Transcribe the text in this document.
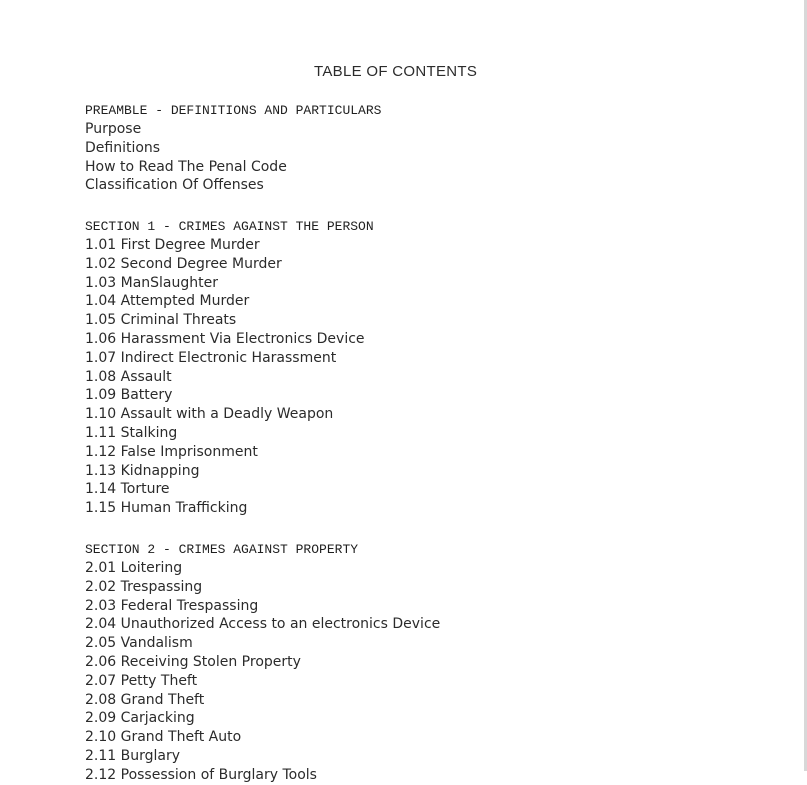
TABLE OF CONTENTS
PREAMBLE - DEFINITIONS AND PARTICULARS
Purpose
Definitions
How to Read The Penal Code
Classification Of Offenses
SECTION 1 - CRIMES AGAINST THE PERSON
1.01 First Degree Murder
1.02 Second Degree Murder
1.03 ManSlaughter
1.04 Attempted Murder
1.05 Criminal Threats
1.06 Harassment Via Electronics Device
1.07 Indirect Electronic Harassment
1.08 Assault
1.09 Battery
1.10 Assault with a Deadly Weapon
1.11 Stalking
1.12 False Imprisonment
1.13 Kidnapping
1.14 Torture
1.15 Human Trafficking
SECTION 2 - CRIMES AGAINST PROPERTY
2.01 Loitering
2.02 Trespassing
2.03 Federal Trespassing
2.04 Unauthorized Access to an electronics Device
2.05 Vandalism
2.06 Receiving Stolen Property
2.07 Petty Theft
2.08 Grand Theft
2.09 Carjacking
2.10 Grand Theft Auto
2.11 Burglary
2.12 Possession of Burglary Tools
